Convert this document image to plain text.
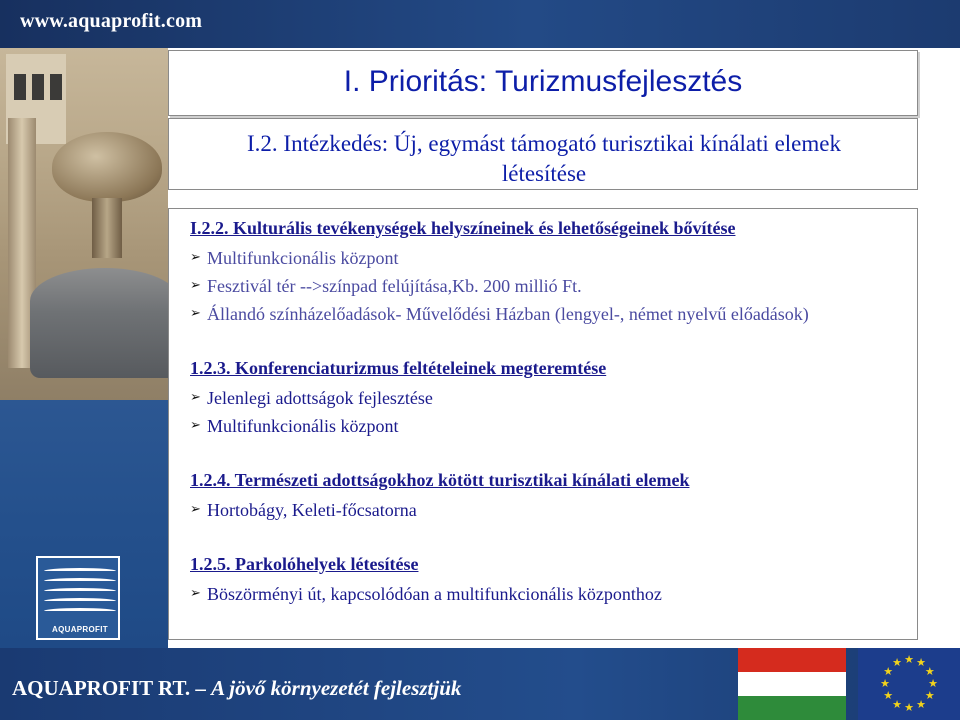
www.aquaprofit.com
AQUAPROFIT
I. Prioritás: Turizmusfejlesztés
I.2. Intézkedés: Új, egymást támogató turisztikai kínálati elemek
létesítése
I.2.2. Kulturális tevékenységek helyszíneinek és lehetőségeinek bővítése
➢ Multifunkcionális központ
➢ Fesztivál tér -->színpad felújítása,Kb. 200 millió Ft.
➢ Állandó színházelőadások- Művelődési Házban (lengyel-, német nyelvű előadások)
1.2.3. Konferenciaturizmus feltételeinek megteremtése
➢ Jelenlegi adottságok fejlesztése
➢ Multifunkcionális központ
1.2.4. Természeti adottságokhoz kötött turisztikai kínálati elemek
➢ Hortobágy, Keleti-főcsatorna
1.2.5. Parkolóhelyek létesítése
➢ Böszörményi út, kapcsolódóan a multifunkcionális központhoz
AQUAPROFIT RT. – A jövő környezetét fejlesztjük
★ ★
★
★
★
★
★
★
★
★
★
★
